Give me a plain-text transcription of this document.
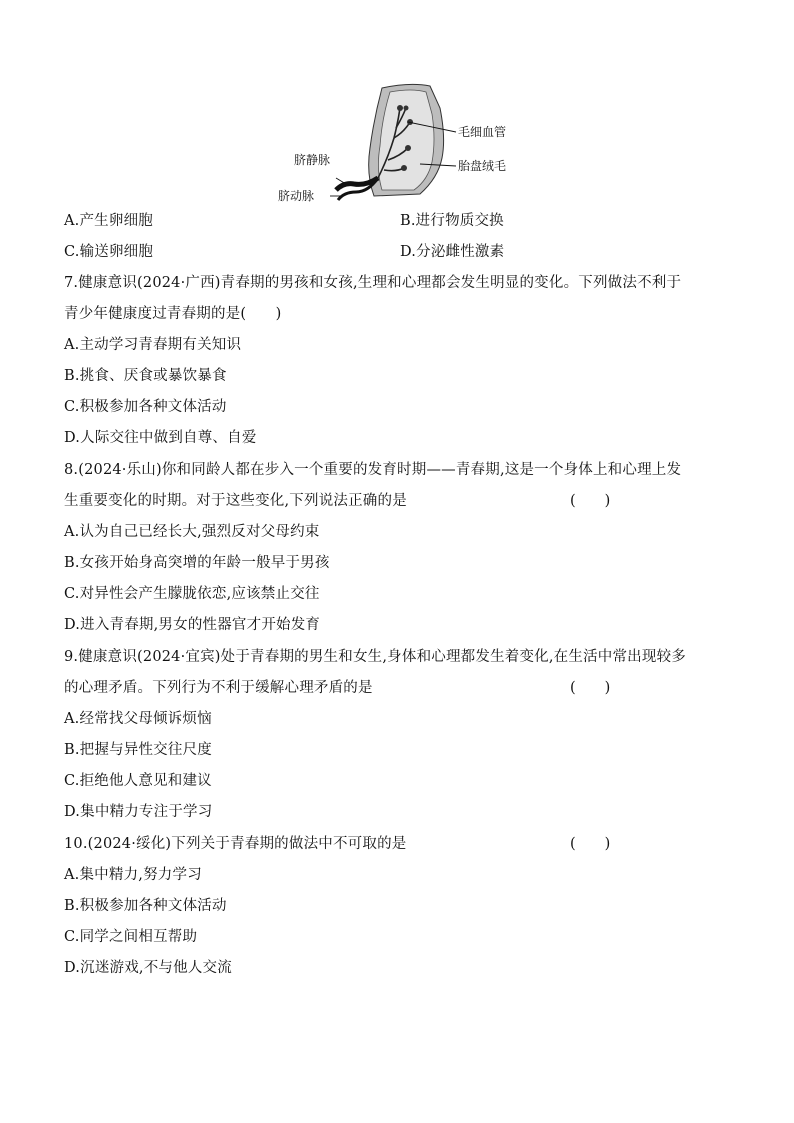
毛细血管
胎盘绒毛
脐静脉
脐动脉
A.产生卵细胞	B.进行物质交换
C.输送卵细胞	D.分泌雌性激素
7.健康意识(2024·广西)青春期的男孩和女孩,生理和心理都会发生明显的变化。下列做法不利于
青少年健康度过青春期的是(　　)
A.主动学习青春期有关知识
B.挑食、厌食或暴饮暴食
C.积极参加各种文体活动
D.人际交往中做到自尊、自爱
8.(2024·乐山)你和同龄人都在步入一个重要的发育时期——青春期,这是一个身体上和心理上发
生重要变化的时期。对于这些变化,下列说法正确的是	(　　)
A.认为自己已经长大,强烈反对父母约束
B.女孩开始身高突增的年龄一般早于男孩
C.对异性会产生朦胧依恋,应该禁止交往
D.进入青春期,男女的性器官才开始发育
9.健康意识(2024·宜宾)处于青春期的男生和女生,身体和心理都发生着变化,在生活中常出现较多
的心理矛盾。下列行为不利于缓解心理矛盾的是	(　　)
A.经常找父母倾诉烦恼
B.把握与异性交往尺度
C.拒绝他人意见和建议
D.集中精力专注于学习
10.(2024·绥化)下列关于青春期的做法中不可取的是	(　　)
A.集中精力,努力学习
B.积极参加各种文体活动
C.同学之间相互帮助
D.沉迷游戏,不与他人交流
